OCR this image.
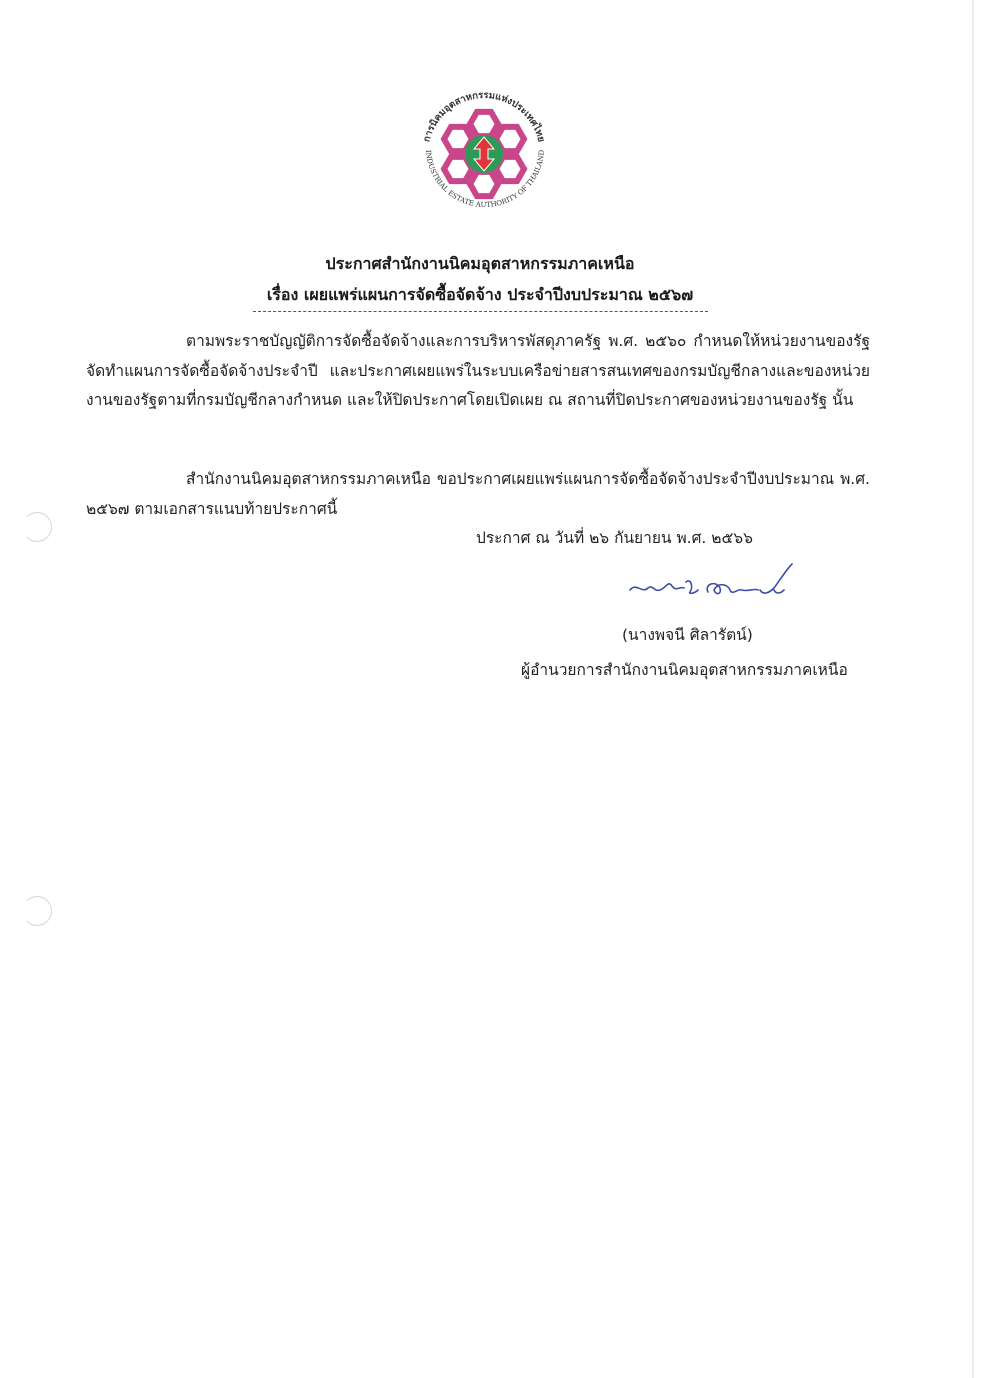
การนิคมอุตสาหกรรมแห่งประเทศไทย
INDUSTRIAL ESTATE AUTHORITY OF THAILAND
ประกาศสำนักงานนิคมอุตสาหกรรมภาคเหนือ
เรื่อง เผยแพร่แผนการจัดซื้อจัดจ้าง ประจำปีงบประมาณ ๒๕๖๗
ตามพระราชบัญญัติการจัดซื้อจัดจ้างและการบริหารพัสดุภาครัฐ พ.ศ. ๒๕๖๐ กำหนดให้หน่วยงานของรัฐจัดทำแผนการจัดซื้อจัดจ้างประจำปี และประกาศเผยแพร่ในระบบเครือข่ายสารสนเทศของกรมบัญชีกลางและของหน่วยงานของรัฐตามที่กรมบัญชีกลางกำหนด และให้ปิดประกาศโดยเปิดเผย ณ สถานที่ปิดประกาศของหน่วยงานของรัฐ นั้น
สำนักงานนิคมอุตสาหกรรมภาคเหนือ ขอประกาศเผยแพร่แผนการจัดซื้อจัดจ้างประจำปีงบประมาณ พ.ศ. ๒๕๖๗ ตามเอกสารแนบท้ายประกาศนี้
ประกาศ ณ วันที่ ๒๖ กันยายน พ.ศ. ๒๕๖๖
(นางพจนี ศิลารัตน์)
ผู้อำนวยการสำนักงานนิคมอุตสาหกรรมภาคเหนือ
